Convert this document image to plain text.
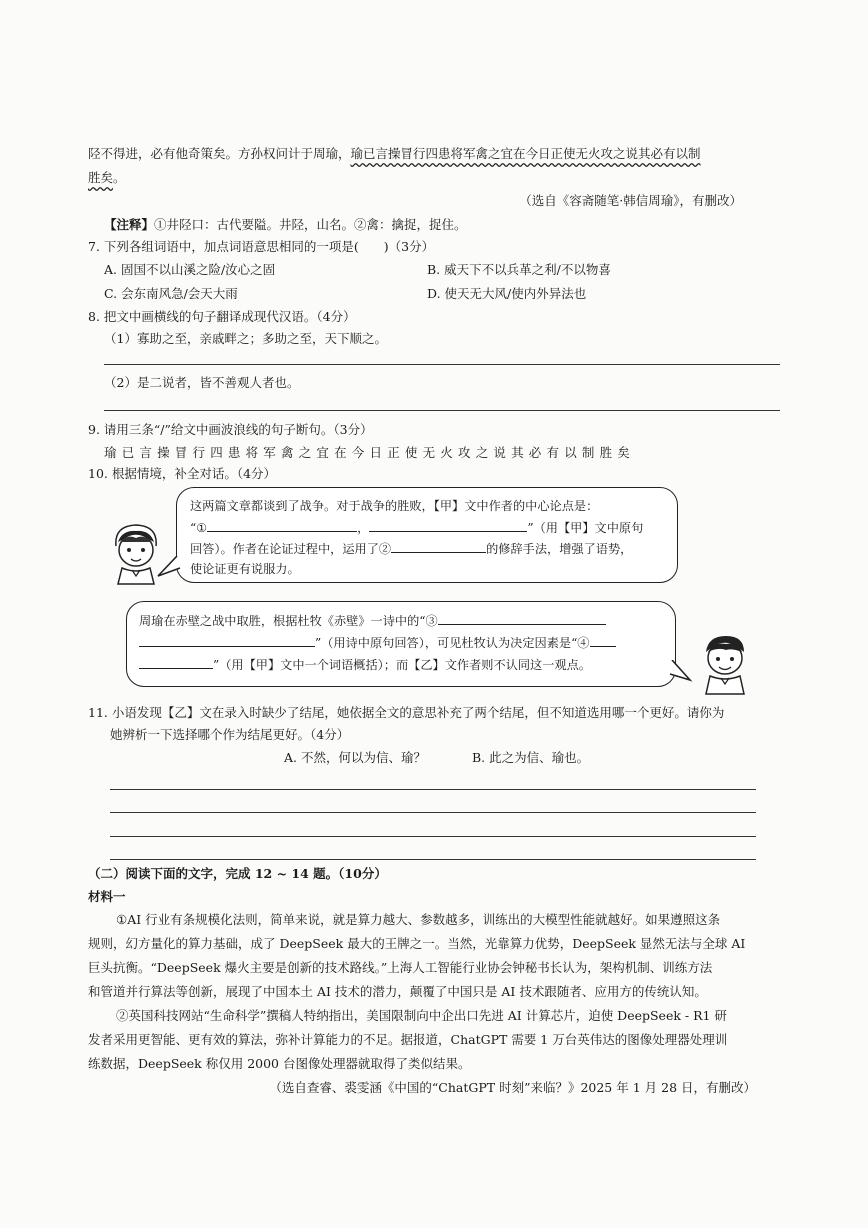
陉不得进，必有他奇策矣。方孙权问计于周瑜，瑜已言操冒行四患将军禽之宜在今日正使无火攻之说其必有以制
胜矣。
（选自《容斋随笔·韩信周瑜》，有删改）
【注释】①井陉口：古代要隘。井陉，山名。②禽：擒捉，捉住。
7. 下列各组词语中，加点词语意思相同的一项是(　　)（3分）
A. 固国不以山溪之险/汝心之固	B. 威天下不以兵革之利/不以物喜
C. 会东南风急/会天大雨	D. 使天无大风/使内外异法也
8. 把文中画横线的句子翻译成现代汉语。（4分）
（1）寡助之至，亲戚畔之；多助之至，天下顺之。
（2）是二说者，皆不善观人者也。
9. 请用三条“/”给文中画波浪线的句子断句。（3分）
瑜已言操冒行四患将军禽之宜在今日正使无火攻之说其必有以制胜矣
10. 根据情境，补全对话。（4分）
这两篇文章都谈到了战争。对于战争的胜败，【甲】文中作者的中心论点是：
“①	，	”（用【甲】文中原句
回答）。作者在论证过程中，运用了②	的修辞手法，增强了语势，
使论证更有说服力。
周瑜在赤壁之战中取胜，根据杜牧《赤壁》一诗中的“③
”（用诗中原句回答），可见杜牧认为决定因素是“④
”（用【甲】文中一个词语概括）；而【乙】文作者则不认同这一观点。
11. 小语发现【乙】文在录入时缺少了结尾，她依据全文的意思补充了两个结尾，但不知道选用哪一个更好。请你为
她辨析一下选择哪个作为结尾更好。（4分）
A. 不然，何以为信、瑜？	B. 此之为信、瑜也。
（二）阅读下面的文字，完成 12 ~ 14 题。（10分）
材料一
①AI 行业有条规模化法则，简单来说，就是算力越大、参数越多，训练出的大模型性能就越好。如果遵照这条
规则，幻方量化的算力基础，成了 DeepSeek 最大的王牌之一。当然，光靠算力优势，DeepSeek 显然无法与全球 AI
巨头抗衡。“DeepSeek 爆火主要是创新的技术路线。”上海人工智能行业协会钟秘书长认为，架构机制、训练方法
和管道并行算法等创新，展现了中国本土 AI 技术的潜力，颠覆了中国只是 AI 技术跟随者、应用方的传统认知。
②英国科技网站“生命科学”撰稿人特纳指出，美国限制向中企出口先进 AI 计算芯片，迫使 DeepSeek - R1 研
发者采用更智能、更有效的算法，弥补计算能力的不足。据报道，ChatGPT 需要 1 万台英伟达的图像处理器处理训
练数据，DeepSeek 称仅用 2000 台图像处理器就取得了类似结果。
（选自查睿、裘雯涵《中国的“ChatGPT 时刻”来临？》2025 年 1 月 28 日，有删改）
